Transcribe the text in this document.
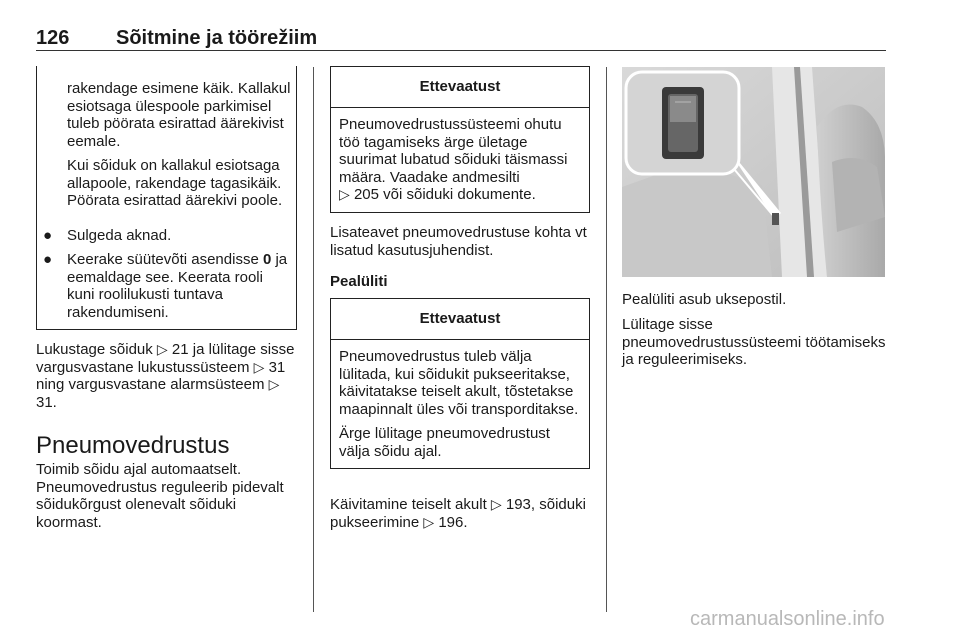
126 Sõitmine ja töörežiim

rakendage esimene käik. Kallakul esiotsaga ülespoole parkimisel tuleb pöörata esirattad äärekivist eemale.

Kui sõiduk on kallakul esiotsaga allapoole, rakendage tagasikäik. Pöörata esirattad äärekivi poole.

● Sulgeda aknad.

● Keerake süütevõti asendisse 0 ja eemaldage see. Keerata rooli kuni roolilukusti tuntava rakendumiseni.

Lukustage sõiduk ▷ 21 ja lülitage sisse vargusvastane lukustussüsteem ▷ 31 ning vargusvastane alarmsüsteem ▷ 31.

Pneumovedrustus

Toimib sõidu ajal automaatselt. Pneumovedrustus reguleerib pidevalt sõidukõrgust olenevalt sõiduki koormast.

Ettevaatust

Pneumovedrustussüsteemi ohutu töö tagamiseks ärge ületage suurimat lubatud sõiduki täismassi määra. Vaadake andmesilti
▷ 205 või sõiduki dokumente.

Lisateavet pneumovedrustuse kohta vt lisatud kasutusjuhendist.

Pealüliti
Ettevaatust

Pneumovedrustus tuleb välja lülitada, kui sõidukit pukseeritakse, käivitatakse teiselt akult, tõstetakse maapinnalt üles või transporditakse.

Ärge lülitage pneumovedrustust välja sõidu ajal.

Käivitamine teiselt akult ▷ 193, sõiduki pukseerimine ▷ 196.

Pealüliti asub uksepostil.

Lülitage sisse pneumovedrustussüsteemi töötamiseks ja reguleerimiseks.

carmanualsonline.info
